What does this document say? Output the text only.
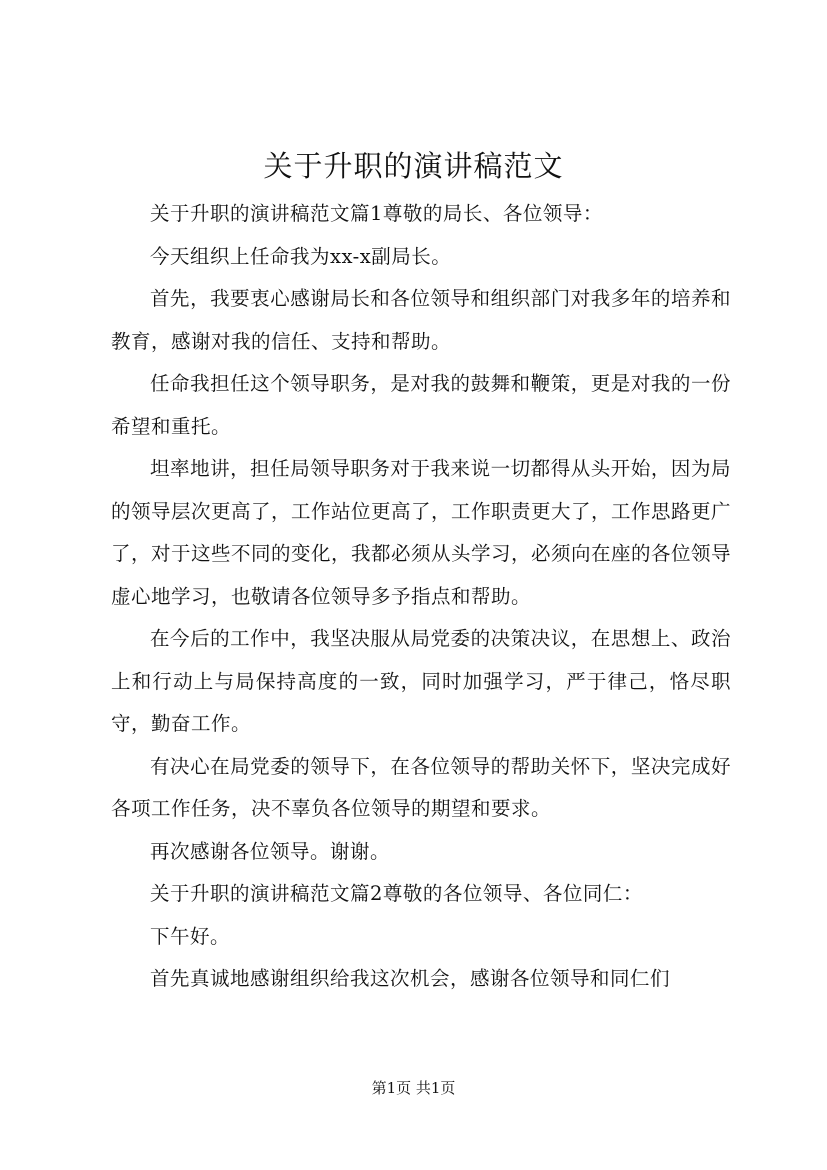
关于升职的演讲稿范文

关于升职的演讲稿范文篇1尊敬的局长、各位领导：

今天组织上任命我为xx-x副局长。

首先，我要衷心感谢局长和各位领导和组织部门对我多年的培养和教育，感谢对我的信任、支持和帮助。

任命我担任这个领导职务，是对我的鼓舞和鞭策，更是对我的一份希望和重托。

坦率地讲，担任局领导职务对于我来说一切都得从头开始，因为局的领导层次更高了，工作站位更高了，工作职责更大了，工作思路更广了，对于这些不同的变化，我都必须从头学习，必须向在座的各位领导虚心地学习，也敬请各位领导多予指点和帮助。

在今后的工作中，我坚决服从局党委的决策决议，在思想上、政治上和行动上与局保持高度的一致，同时加强学习，严于律己，恪尽职守，勤奋工作。

有决心在局党委的领导下，在各位领导的帮助关怀下，坚决完成好各项工作任务，决不辜负各位领导的期望和要求。

再次感谢各位领导。谢谢。

关于升职的演讲稿范文篇2尊敬的各位领导、各位同仁：

下午好。

首先真诚地感谢组织给我这次机会，感谢各位领导和同仁们

第1页 共1页
